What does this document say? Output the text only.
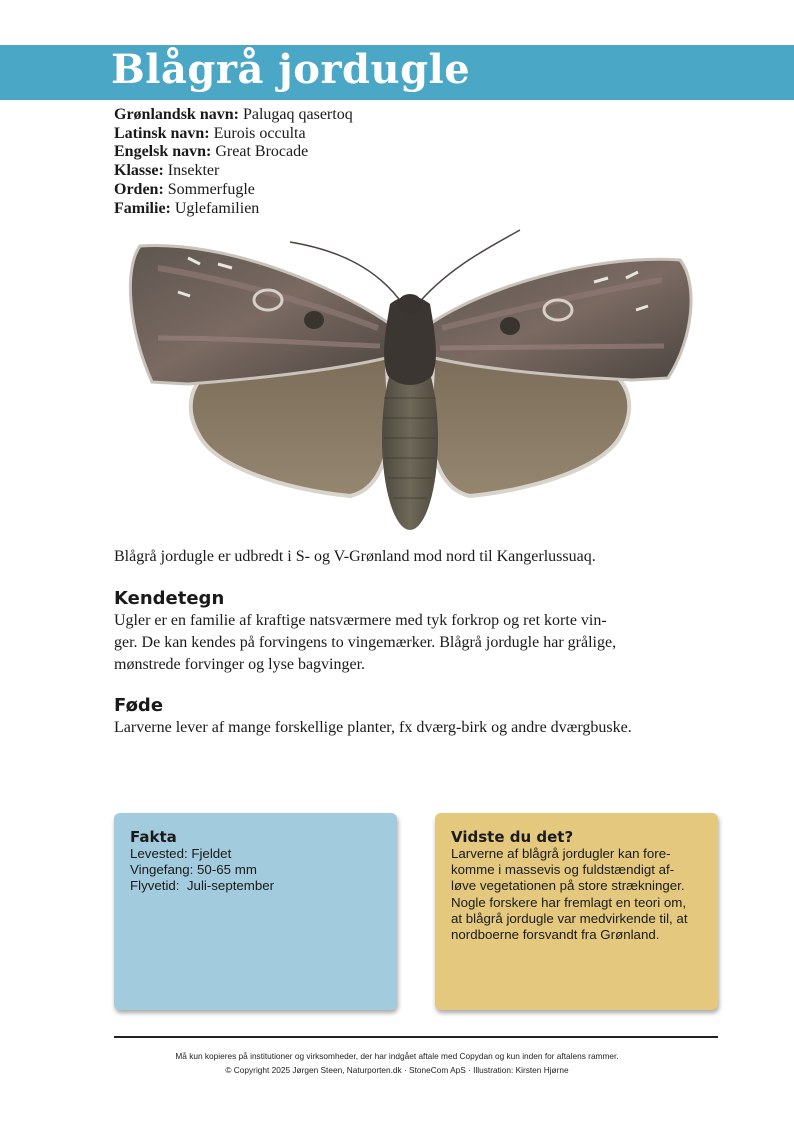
Blågrå jordugle
Grønlandsk navn: Palugaq qasertoq
Latinsk navn: Eurois occulta
Engelsk navn: Great Brocade
Klasse: Insekter
Orden: Sommerfugle
Familie: Uglefamilien

Blågrå jordugle er udbredt i S- og V-Grønland mod nord til Kangerlussuaq.

Kendetegn

Ugler er en familie af kraftige natsværmere med tyk forkrop og ret korte vin-

ger. De kan kendes på forvingens to vingemærker. Blågrå jordugle har grålige,

mønstrede forvinger og lyse bagvinger.

Føde

Larverne lever af mange forskellige planter, fx dværg-birk og andre dværgbuske.

Fakta
Levested: Fjeldet
Vingefang: 50-65 mm
Flyvetid:  Juli-september
Vidste du det?
Larverne af blågrå jordugler kan fore-
komme i massevis og fuldstændigt af-
løve vegetationen på store strækninger.
Nogle forskere har fremlagt en teori om,
at blågrå jordugle var medvirkende til, at
nordboerne forsvandt fra Grønland.
Må kun kopieres på institutioner og virksomheder, der har indgået aftale med Copydan og kun inden for aftalens rammer.
© Copyright 2025 Jørgen Steen, Naturporten.dk · StoneCom ApS · Illustration: Kirsten Hjørne
